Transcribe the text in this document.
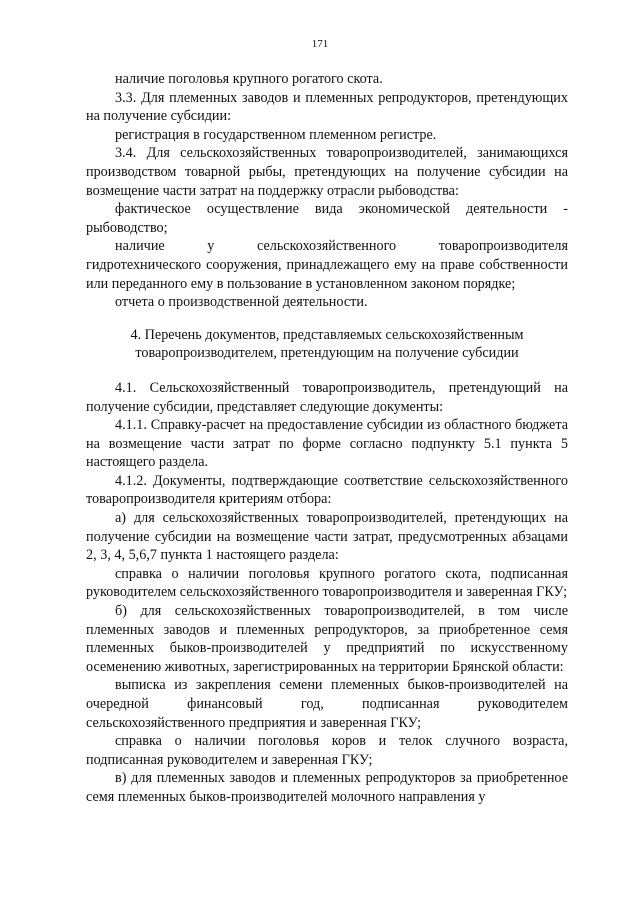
171

наличие поголовья крупного рогатого скота.

3.3. Для племенных заводов и племенных репродукторов, претендующих на получение субсидии:

регистрация в государственном племенном регистре.

3.4. Для сельскохозяйственных товаропроизводителей, занимающихся производством товарной рыбы, претендующих на получение субсидии на возмещение части затрат на поддержку отрасли рыбоводства:

фактическое осуществление вида экономической деятельности - рыбоводство;

наличие у сельскохозяйственного товаропроизводителя гидротехнического сооружения, принадлежащего ему на праве собственности или переданного ему в пользование в установленном законом порядке;

отчета о производственной деятельности.

4. Перечень документов, представляемых сельскохозяйственным товаропроизводителем, претендующим на получение субсидии

4.1. Сельскохозяйственный товаропроизводитель, претендующий на получение субсидии, представляет следующие документы:

4.1.1. Справку-расчет на предоставление субсидии из областного бюджета на возмещение части затрат по форме согласно подпункту 5.1 пункта 5 настоящего раздела.

4.1.2. Документы, подтверждающие соответствие сельскохозяйственного товаропроизводителя критериям отбора:

а) для сельскохозяйственных товаропроизводителей, претендующих на получение субсидии на возмещение части затрат, предусмотренных абзацами 2, 3, 4, 5,6,7 пункта 1 настоящего раздела:

справка о наличии поголовья крупного рогатого скота, подписанная руководителем сельскохозяйственного товаропроизводителя и заверенная ГКУ;

б) для сельскохозяйственных товаропроизводителей, в том числе племенных заводов и племенных репродукторов, за приобретенное семя племенных быков-производителей у предприятий по искусственному осеменению животных, зарегистрированных на территории Брянской области:

выписка из закрепления семени племенных быков-производителей на очередной финансовый год, подписанная руководителем сельскохозяйственного предприятия и заверенная ГКУ;

справка о наличии поголовья коров и телок случного возраста, подписанная руководителем и заверенная ГКУ;

в) для племенных заводов и племенных репродукторов за приобретенное семя племенных быков-производителей молочного направления у
